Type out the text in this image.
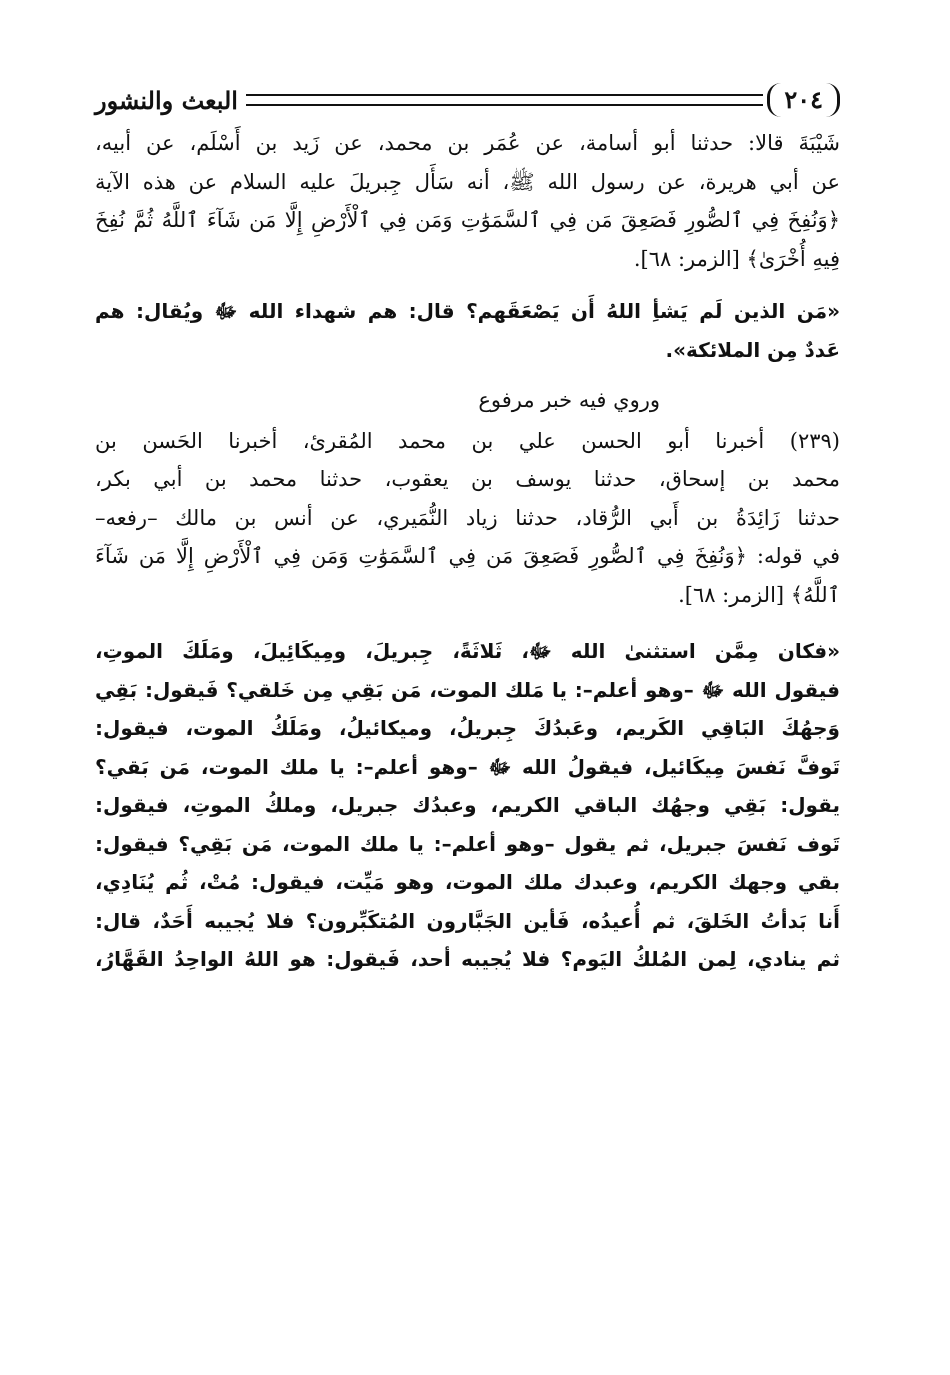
٢٠٤
البعث والنشور
شَيْبَةَ قالا: حدثنا أبو أسامة، عن عُمَر بن محمد، عن زَيد بن أَسْلَم، عن أبيه،
عن أبي هريرة، عن رسول الله ﷺ، أنه سَأَل جِبريلَ عليه السلام عن هذه الآية
﴿وَنُفِخَ فِي ٱلصُّورِ فَصَعِقَ مَن فِي ٱلسَّمَوَٰتِ وَمَن فِي ٱلْأَرْضِ إِلَّا مَن شَآءَ ٱللَّهُ ثُمَّ نُفِخَ
فِيهِ أُخْرَىٰ﴾ [الزمر: ٦٨].
«مَن الذين لَم يَشأِ اللهُ أَن يَصْعَقَهم؟ قال: هم شهداء الله ﷻ ويُقال: هم
عَددٌ مِن الملائكة».
وروي فيه خبر مرفوع
(٢٣٩) أخبرنا أبو الحسن علي بن محمد المُقرئ، أخبرنا الحَسن بن
محمد بن إسحاق، حدثنا يوسف بن يعقوب، حدثنا محمد بن أبي بكر،
حدثنا زَائِدَةُ بن أَبي الرُّقاد، حدثنا زياد النُّمَيري، عن أنس بن مالك –رفعه–
في قوله: ﴿وَنُفِخَ فِي ٱلصُّورِ فَصَعِقَ مَن فِي ٱلسَّمَوَٰتِ وَمَن فِي ٱلْأَرْضِ إِلَّا مَن شَآءَ
ٱللَّهُ﴾ [الزمر: ٦٨].
«فكان مِمَّن استثنىٰ الله ﷻ، ثَلاثَةً، جِبريلَ، ومِيكَائِيلَ، ومَلَكَ الموتِ،
فيقول الله ﷻ –وهو أعلم–: يا مَلك الموت، مَن بَقِي مِن خَلقي؟ فَيقول: بَقِي
وَجهُكَ البَاقِي الكَريم، وعَبدُكَ جِبريلُ، وميكائيلُ، ومَلَكُ الموت، فيقول:
تَوفَّ نَفسَ مِيكَائيل، فيقولُ الله ﷻ –وهو أعلم–: يا ملك الموت، مَن بَقي؟
يقول: بَقِي وجهُك الباقي الكريم، وعبدُك جبريل، وملكُ الموتِ، فيقول:
تَوف نَفسَ جبريل، ثم يقول –وهو أعلم–: يا ملك الموت، مَن بَقِي؟ فيقول:
بقي وجهك الكريم، وعبدك ملك الموت، وهو مَيِّت، فيقول: مُتْ، ثُم يُنَادِي،
أَنا بَدأتُ الخَلقَ، ثم أُعيدُه، فَأين الجَبَّارون المُتكَبِّرون؟ فلا يُجيبه أَحَدٌ، قال:
ثم ينادي، لِمن المُلكُ اليَوم؟ فلا يُجيبه أحد، فَيقول: هو اللهُ الواحِدُ القَهَّارُ،
